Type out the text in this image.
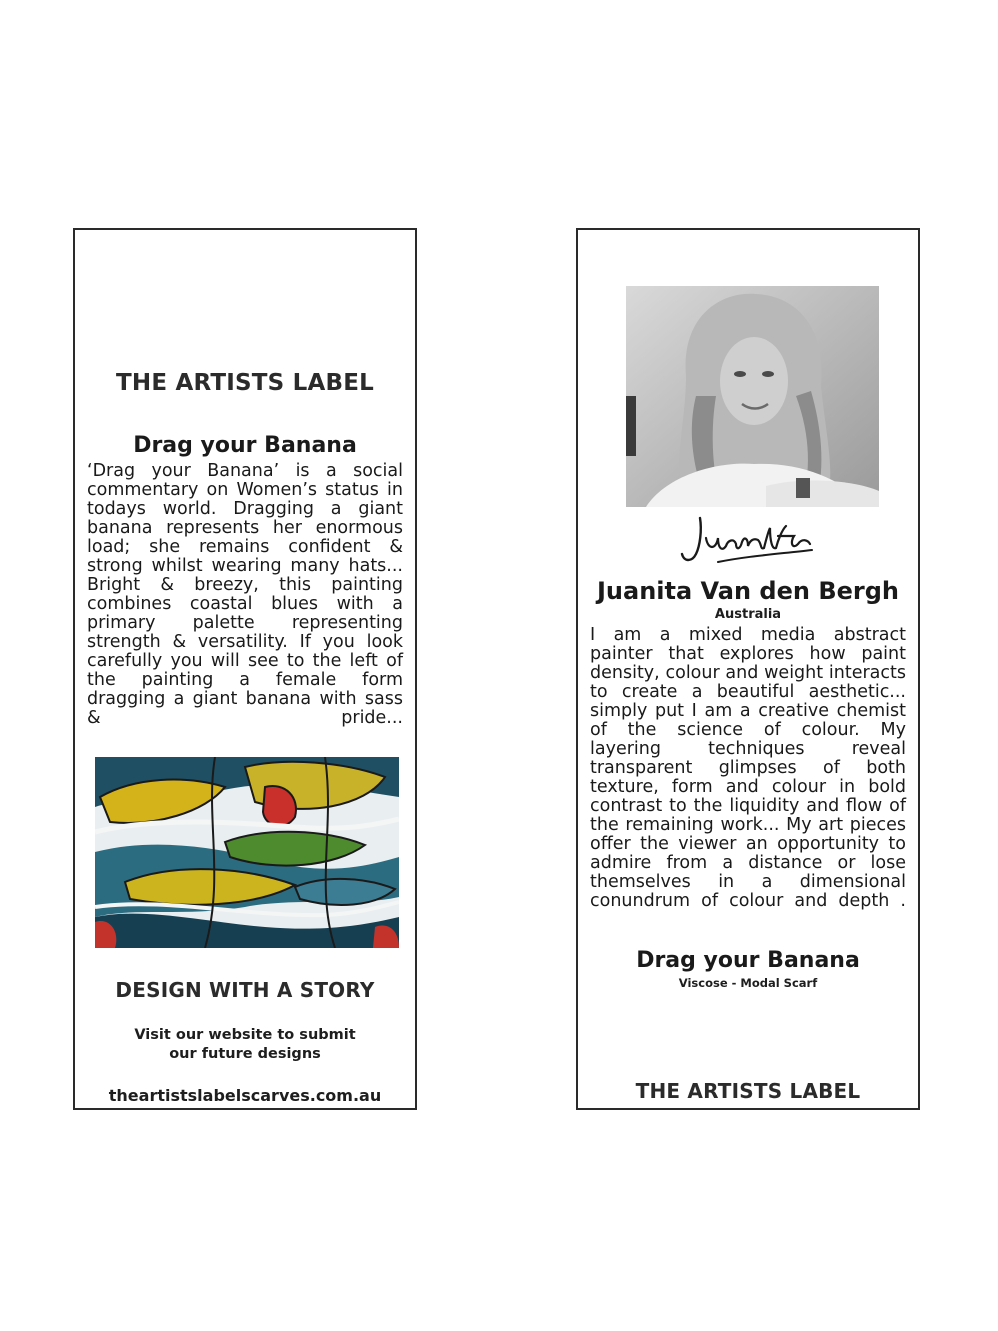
THE ARTISTS LABEL
Drag your Banana
‘Drag your Banana’ is a social commentary on Women’s status in todays world. Dragging a giant banana represents her enormous load; she remains confident & strong whilst wearing many hats... Bright & breezy, this painting combines coastal blues with a primary palette representing strength & versatility. If you look carefully you will see to the left of the painting a female form dragging a giant banana with sass & pride...
DESIGN WITH A STORY
Visit our website to submit
our future designs
theartistslabelscarves.com.au
Juanita Van den Bergh
Australia
I am a mixed media abstract painter that explores how paint density, colour and weight interacts to create a beautiful aesthetic... simply put I am a creative chemist of the science of colour. My layering techniques reveal transparent glimpses of both texture, form and colour in bold contrast to the liquidity and flow of the remaining work... My art pieces offer the viewer an opportunity to admire from a distance or lose themselves in a dimensional conundrum of colour and depth .
Drag your Banana
Viscose - Modal Scarf
THE ARTISTS LABEL
